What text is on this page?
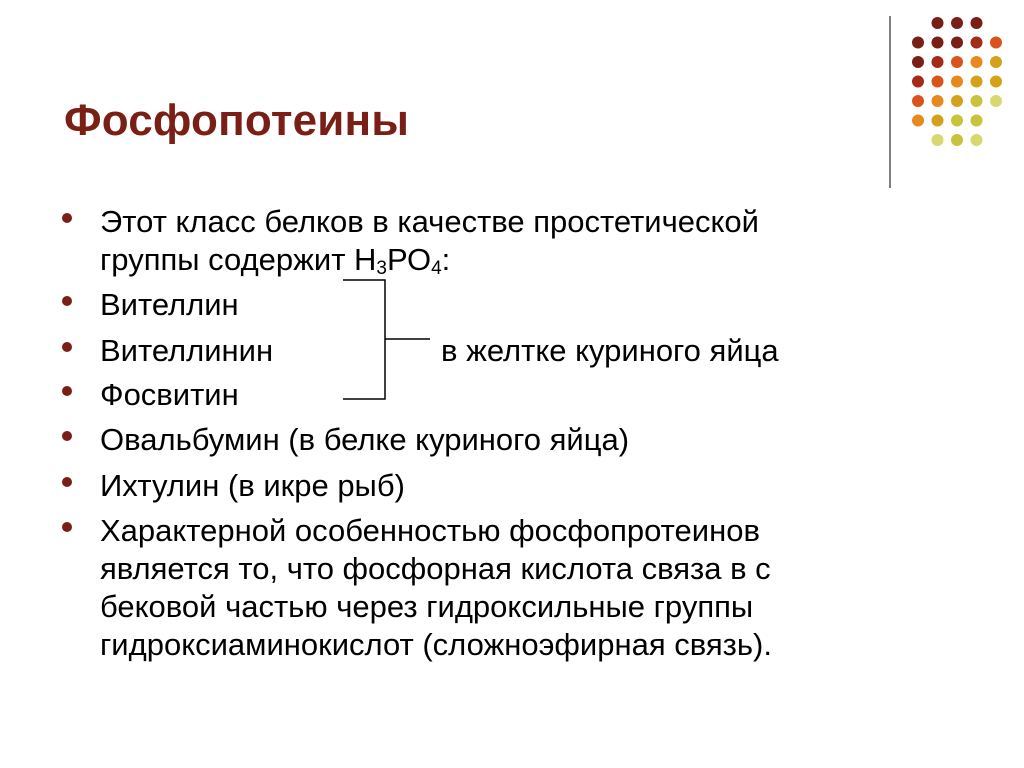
Фосфопотеины
Этот класс белков в качестве простетической
группы содержит $Н_3РО_4$:
Вителлин
Вителлинин
Фосвитин
в желтке куриного яйца
Овальбумин (в белке куриного яйца)
Ихтулин (в икре рыб)
Характерной особенностью фосфопротеинов
является то, что фосфорная кислота связа в с
бековой частью через гидроксильные группы
гидроксиаминокислот (сложноэфирная связь).
